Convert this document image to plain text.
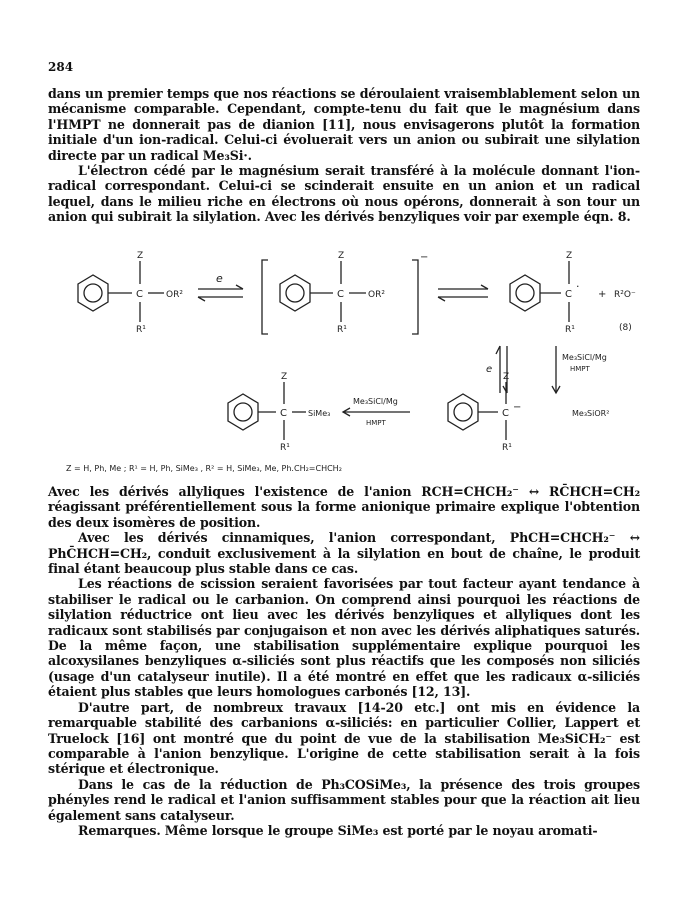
284

dans un premier temps que nos réactions se déroulaient vraisemblablement selon un mécanisme comparable. Cependant, compte-tenu du fait que le magnésium dans l'HMPT ne donnerait pas de dianion [11], nous envisagerons plutôt la formation initiale d'un ion-radical. Celui-ci évoluerait vers un anion ou subirait une silylation directe par un radical Me₃Si·.

L'électron cédé par le magnésium serait transféré à la molécule donnant l'ion-radical correspondant. Celui-ci se scinderait ensuite en un anion et un radical lequel, dans le milieu riche en électrons où nous opérons, donnerait à son tour un anion qui subirait la silylation. Avec les dérivés benzyliques voir par exemple éqn. 8.

Z
C	OR²
R¹
e
Z
C	OR²
R¹
−	Z
C
·
R¹
+ R²O⁻
(8)
e
Me₃SiCl/Mg
HMPT
Z
C
−
R¹
Me₃SiOR²
Me₃SiCl/Mg
HMPT
Z
C	SiMe₃
R¹
Z = H, Ph, Me ; R¹ = H, Ph, SiMe₃ , R² = H, SiMe₃, Me, Ph.CH₂=CHCH₂

Avec les dérivés allyliques l'existence de l'anion RCH=CHCH₂⁻ ↔ RC̄HCH=CH₂ réagissant préférentiellement sous la forme anionique primaire explique l'obtention des deux isomères de position.

Avec les dérivés cinnamiques, l'anion correspondant, PhCH=CHCH₂⁻ ↔ PhC̄HCH=CH₂, conduit exclusivement à la silylation en bout de chaîne, le produit final étant beaucoup plus stable dans ce cas.

Les réactions de scission seraient favorisées par tout facteur ayant tendance à stabiliser le radical ou le carbanion. On comprend ainsi pourquoi les réactions de silylation réductrice ont lieu avec les dérivés benzyliques et allyliques dont les radicaux sont stabilisés par conjugaison et non avec les dérivés aliphatiques saturés. De la même façon, une stabilisation supplémentaire explique pourquoi les alcoxysilanes benzyliques α-siliciés sont plus réactifs que les composés non siliciés (usage d'un catalyseur inutile). Il a été montré en effet que les radicaux α-siliciés étaient plus stables que leurs homologues carbonés [12, 13].

D'autre part, de nombreux travaux [14-20 etc.] ont mis en évidence la remarquable stabilité des carbanions α-siliciés: en particulier Collier, Lappert et Truelock [16] ont montré que du point de vue de la stabilisation Me₃SiCH₂⁻ est comparable à l'anion benzylique. L'origine de cette stabilisation serait à la fois stérique et électronique.

Dans le cas de la réduction de Ph₃COSiMe₃, la présence des trois groupes phényles rend le radical et l'anion suffisamment stables pour que la réaction ait lieu également sans catalyseur.

Remarques. Même lorsque le groupe SiMe₃ est porté par le noyau aromati-
